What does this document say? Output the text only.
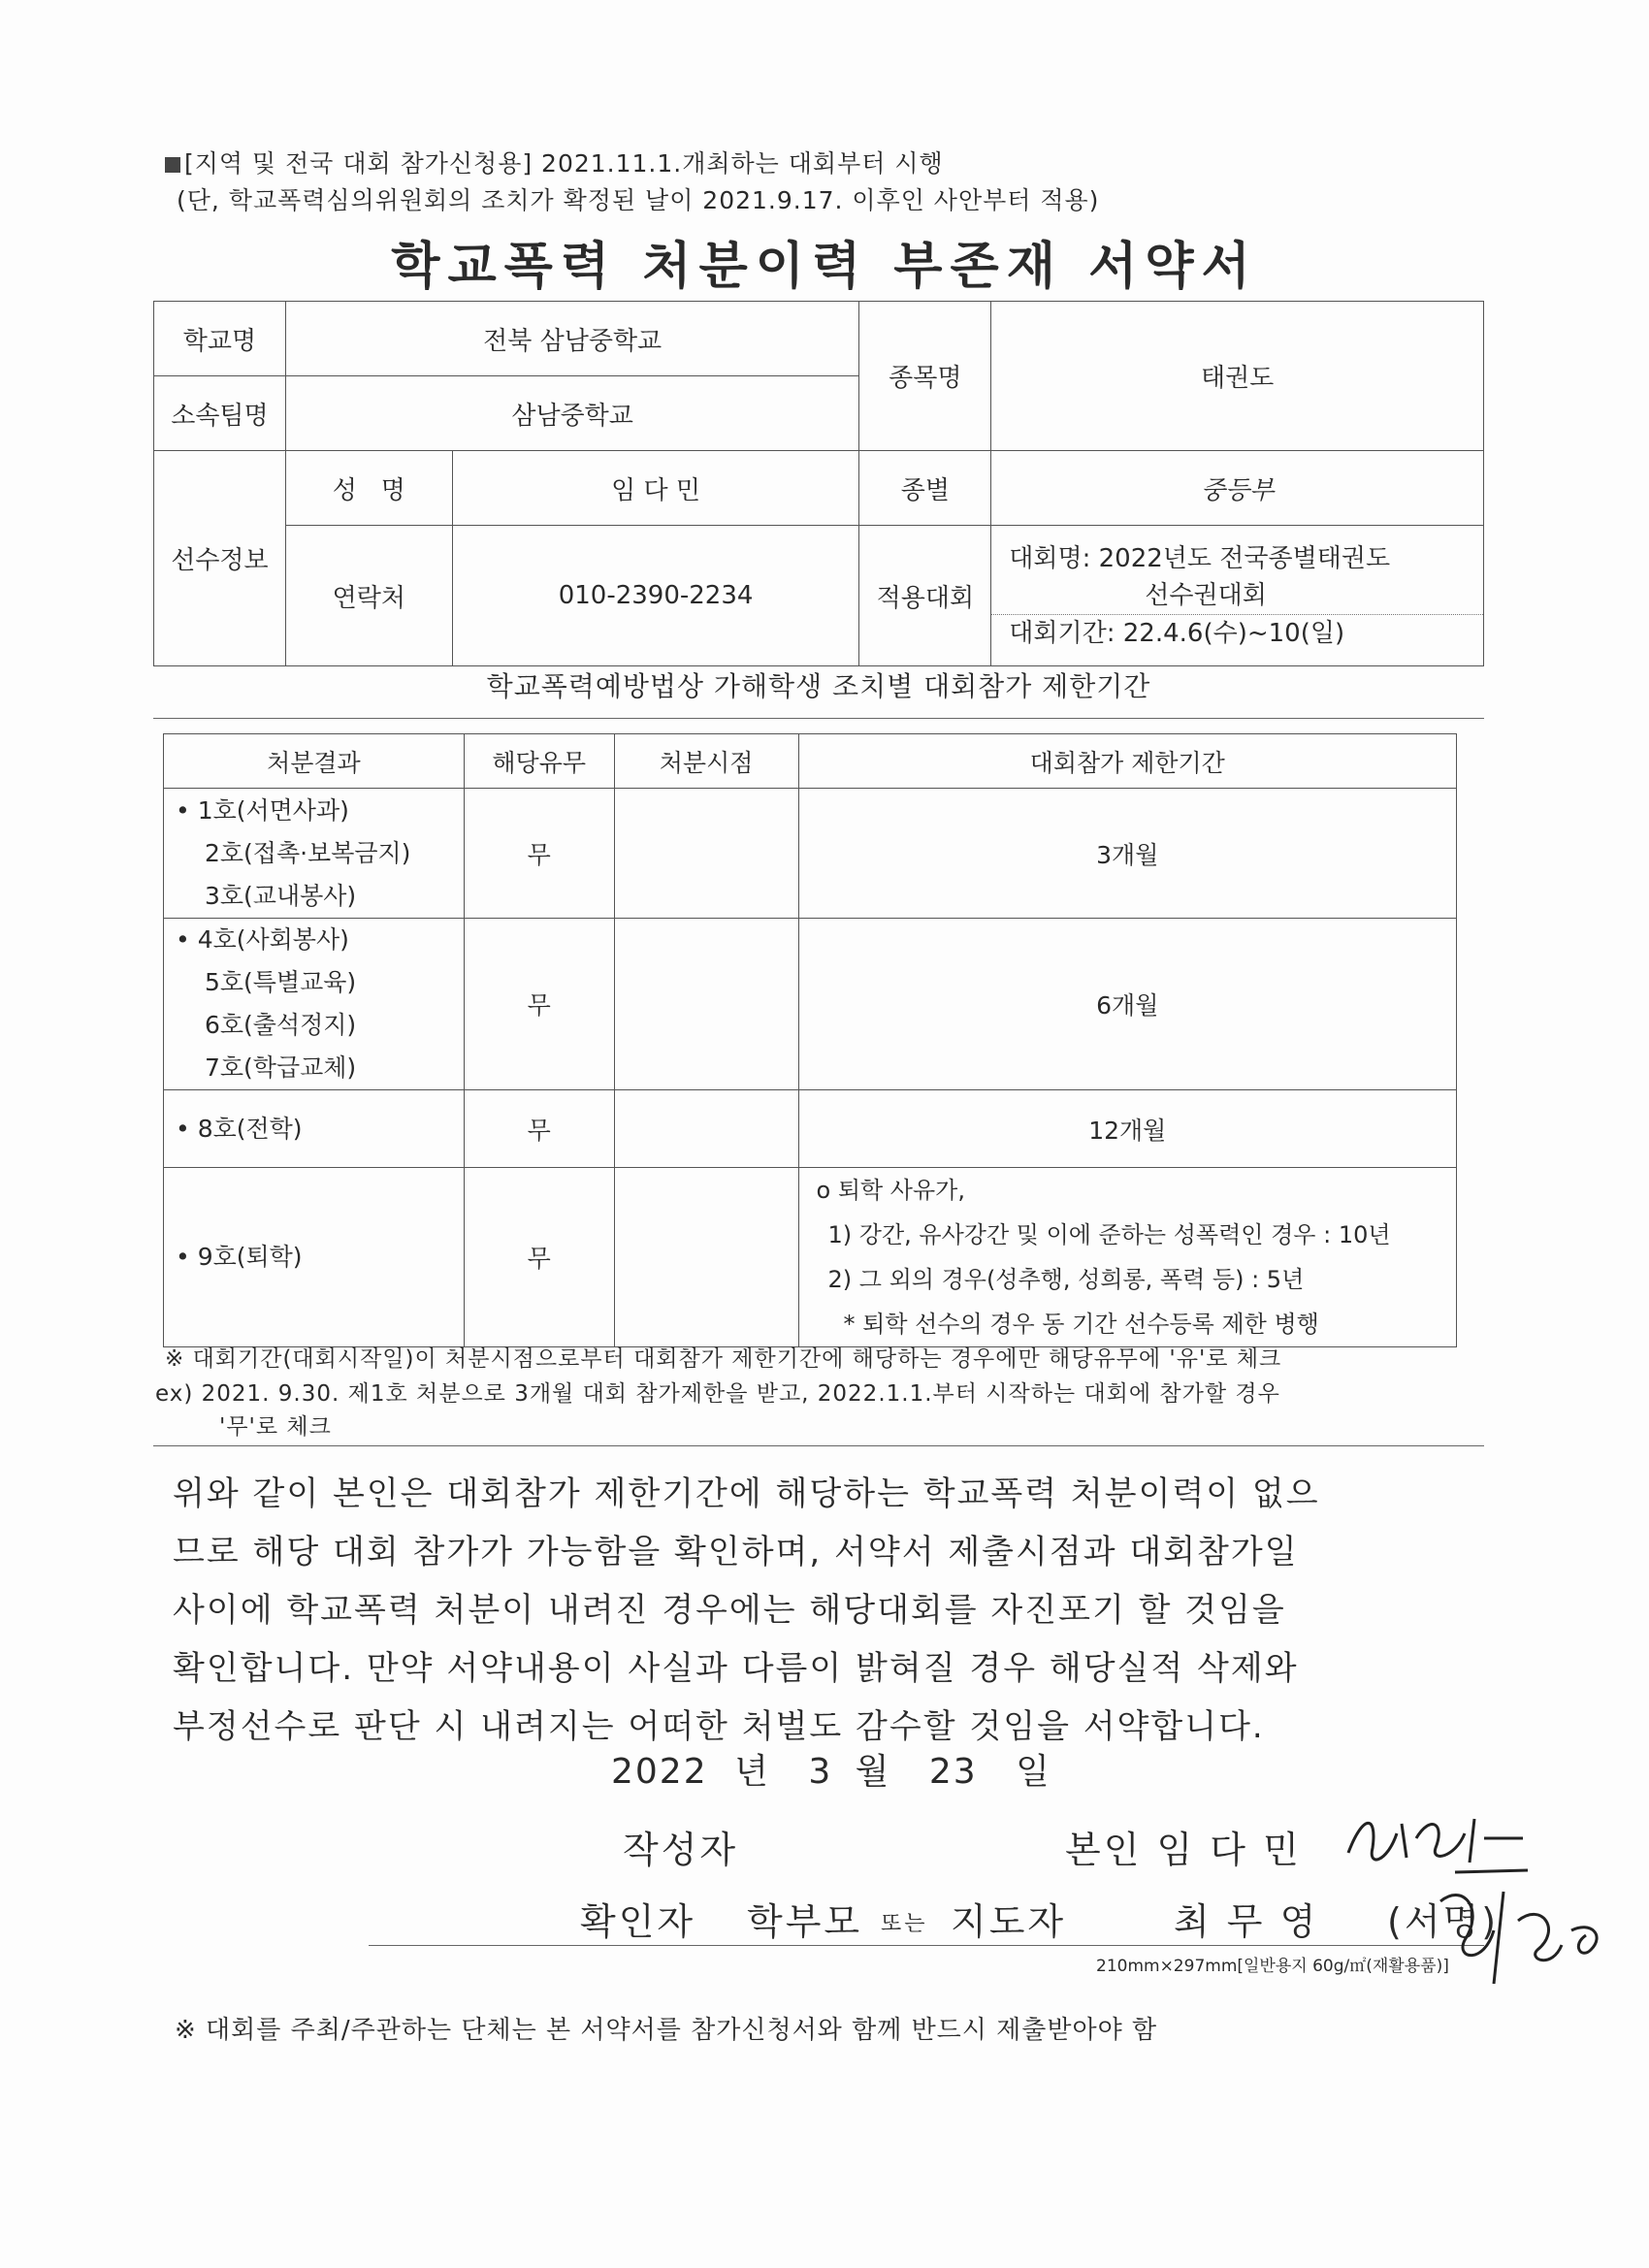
[지역 및 전국 대회 참가신청용] 2021.11.1.개최하는 대회부터 시행
(단, 학교폭력심의위원회의 조치가 확정된 날이 2021.9.17. 이후인 사안부터 적용)
학교폭력 처분이력 부존재 서약서
학교명	전북 삼남중학교		종목명	태권도
소속팀명	삼남중학교			
선수정보	성   명	임 다 민	종별	중등부
	연락처	010-2390-2234	적용대회	대회명: 2022년도 전국종별태권도
선수권대회
대회기간: 22.4.6(수)~10(일)
학교폭력예방법상 가해학생 조치별 대회참가 제한기간
처분결과	해당유무	처분시점	대회참가 제한기간

• 1호(서면사과)
2호(접촉·보복금지)
3호(교내봉사)	무		3개월

• 4호(사회봉사)
5호(특별교육)
6호(출석정지)
7호(학급교체)	무		6개월

• 8호(전학)	무		12개월

• 9호(퇴학)	무		o 퇴학 사유가,
1) 강간, 유사강간 및 이에 준하는 성폭력인 경우 : 10년
2) 그 외의 경우(성추행, 성희롱, 폭력 등) : 5년
* 퇴학 선수의 경우 동 기간 선수등록 제한 병행
※ 대회기간(대회시작일)이 처분시점으로부터 대회참가 제한기간에 해당하는 경우에만 해당유무에 '유'로 체크
ex) 2021. 9.30. 제1호 처분으로 3개월 대회 참가제한을 받고, 2022.1.1.부터 시작하는 대회에 참가할 경우
'무'로 체크

위와 같이 본인은 대회참가 제한기간에 해당하는 학교폭력 처분이력이 없으

므로 해당 대회 참가가 가능함을 확인하며, 서약서 제출시점과 대회참가일

사이에 학교폭력 처분이 내려진 경우에는 해당대회를 자진포기 할 것임을

확인합니다. 만약 서약내용이 사실과 다름이 밝혀질 경우 해당실적 삭제와

부정선수로 판단 시 내려지는 어떠한 처벌도 감수할 것임을 서약합니다.

2022 년 3 월 23 일
작성자	본인 임 다 민
확인자 학부모 또는 지도자	최 무 영 (서명)
210mm×297mm[일반용지 60g/㎡(재활용품)]
※ 대회를 주최/주관하는 단체는 본 서약서를 참가신청서와 함께 반드시 제출받아야 함
